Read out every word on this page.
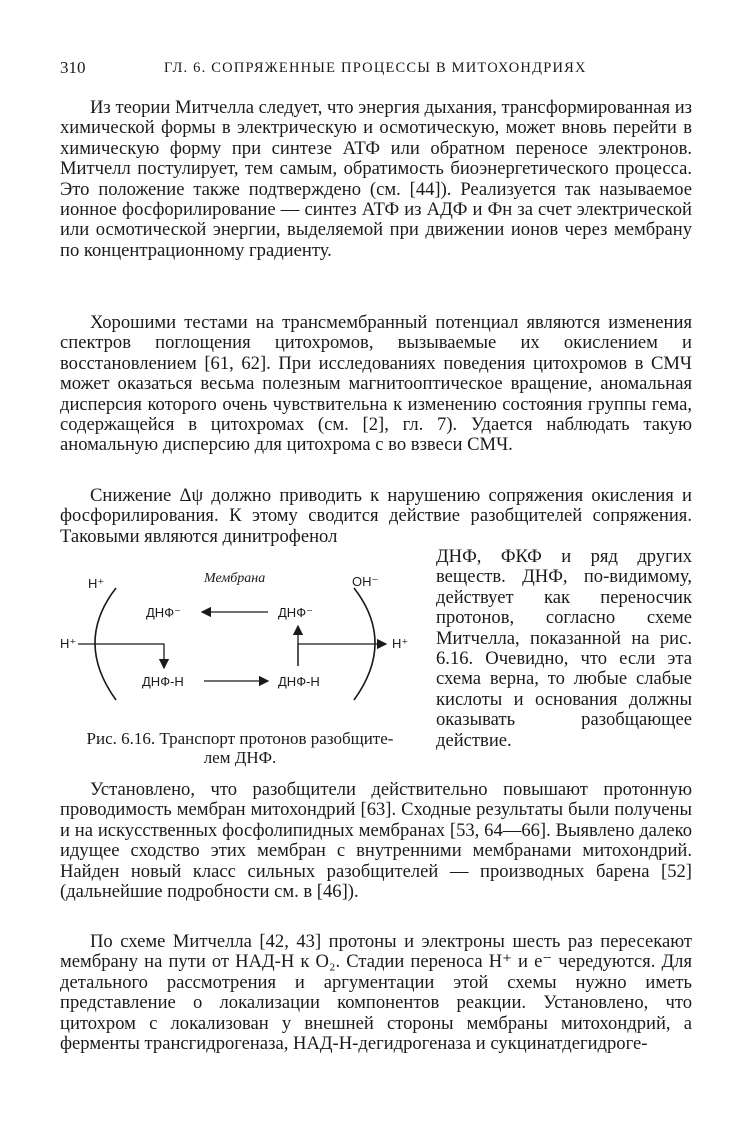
310	ГЛ. 6. СОПРЯЖЕННЫЕ ПРОЦЕССЫ В МИТОХОНДРИЯХ

Из теории Митчелла следует, что энергия дыхания, трансформированная из химической формы в электрическую и осмотическую, может вновь перейти в химическую форму при синтезе АТФ или обратном переносе электронов. Митчелл постулирует, тем самым, обратимость биоэнергетического процесса. Это положение также подтверждено (см. [44]). Реализуется так называемое ионное фосфорилирование — синтез АТФ из АДФ и Фн за счет электрической или осмотической энергии, выделяемой при движении ионов через мембрану по концентрационному градиенту.

Хорошими тестами на трансмембранный потенциал являются изменения спектров поглощения цитохромов, вызываемые их окислением и восстановлением [61, 62]. При исследованиях поведения цитохромов в СМЧ может оказаться весьма полезным магнитооптическое вращение, аномальная дисперсия которого очень чувствительна к изменению состояния группы гема, содержащейся в цитохромах (см. [2], гл. 7). Удается наблюдать такую аномальную дисперсию для цитохрома c во взвеси СМЧ.

Снижение Δψ должно приводить к нарушению сопряжения окисления и фосфорилирования. К этому сводится действие разобщителей сопряжения. Таковыми являются динитрофенол

ДНФ, ФКФ и ряд других веществ. ДНФ, по-видимому, действует как переносчик протонов, согласно схеме Митчелла, показанной на рис. 6.16. Очевидно, что если эта схема верна, то любые слабые кислоты и основания должны оказывать разобщающее действие.

H⁺	Мембрана	OH⁻
ДНФ⁻	ДНФ⁻
H⁺	H⁺
ДНФ-H	ДНФ-H
Рис. 6.16. Транспорт протонов разобщите-
лем ДНФ.

Установлено, что разобщители действительно повышают протонную проводимость мембран митохондрий [63]. Сходные результаты были получены и на искусственных фосфолипидных мембранах [53, 64—66]. Выявлено далеко идущее сходство этих мембран с внутренними мембранами митохондрий. Найден новый класс сильных разобщителей — производных барена [52] (дальнейшие подробности см. в [46]).

По схеме Митчелла [42, 43] протоны и электроны шесть раз пересекают мембрану на пути от НАД-Н к O₂. Стадии переноса H⁺ и e⁻ чередуются. Для детального рассмотрения и аргументации этой схемы нужно иметь представление о локализации компонентов реакции. Установлено, что цитохром c локализован у внешней стороны мембраны митохондрий, а ферменты трансгидрогеназа, НАД-Н-дегидрогеназа и сукцинатдегидроге-
